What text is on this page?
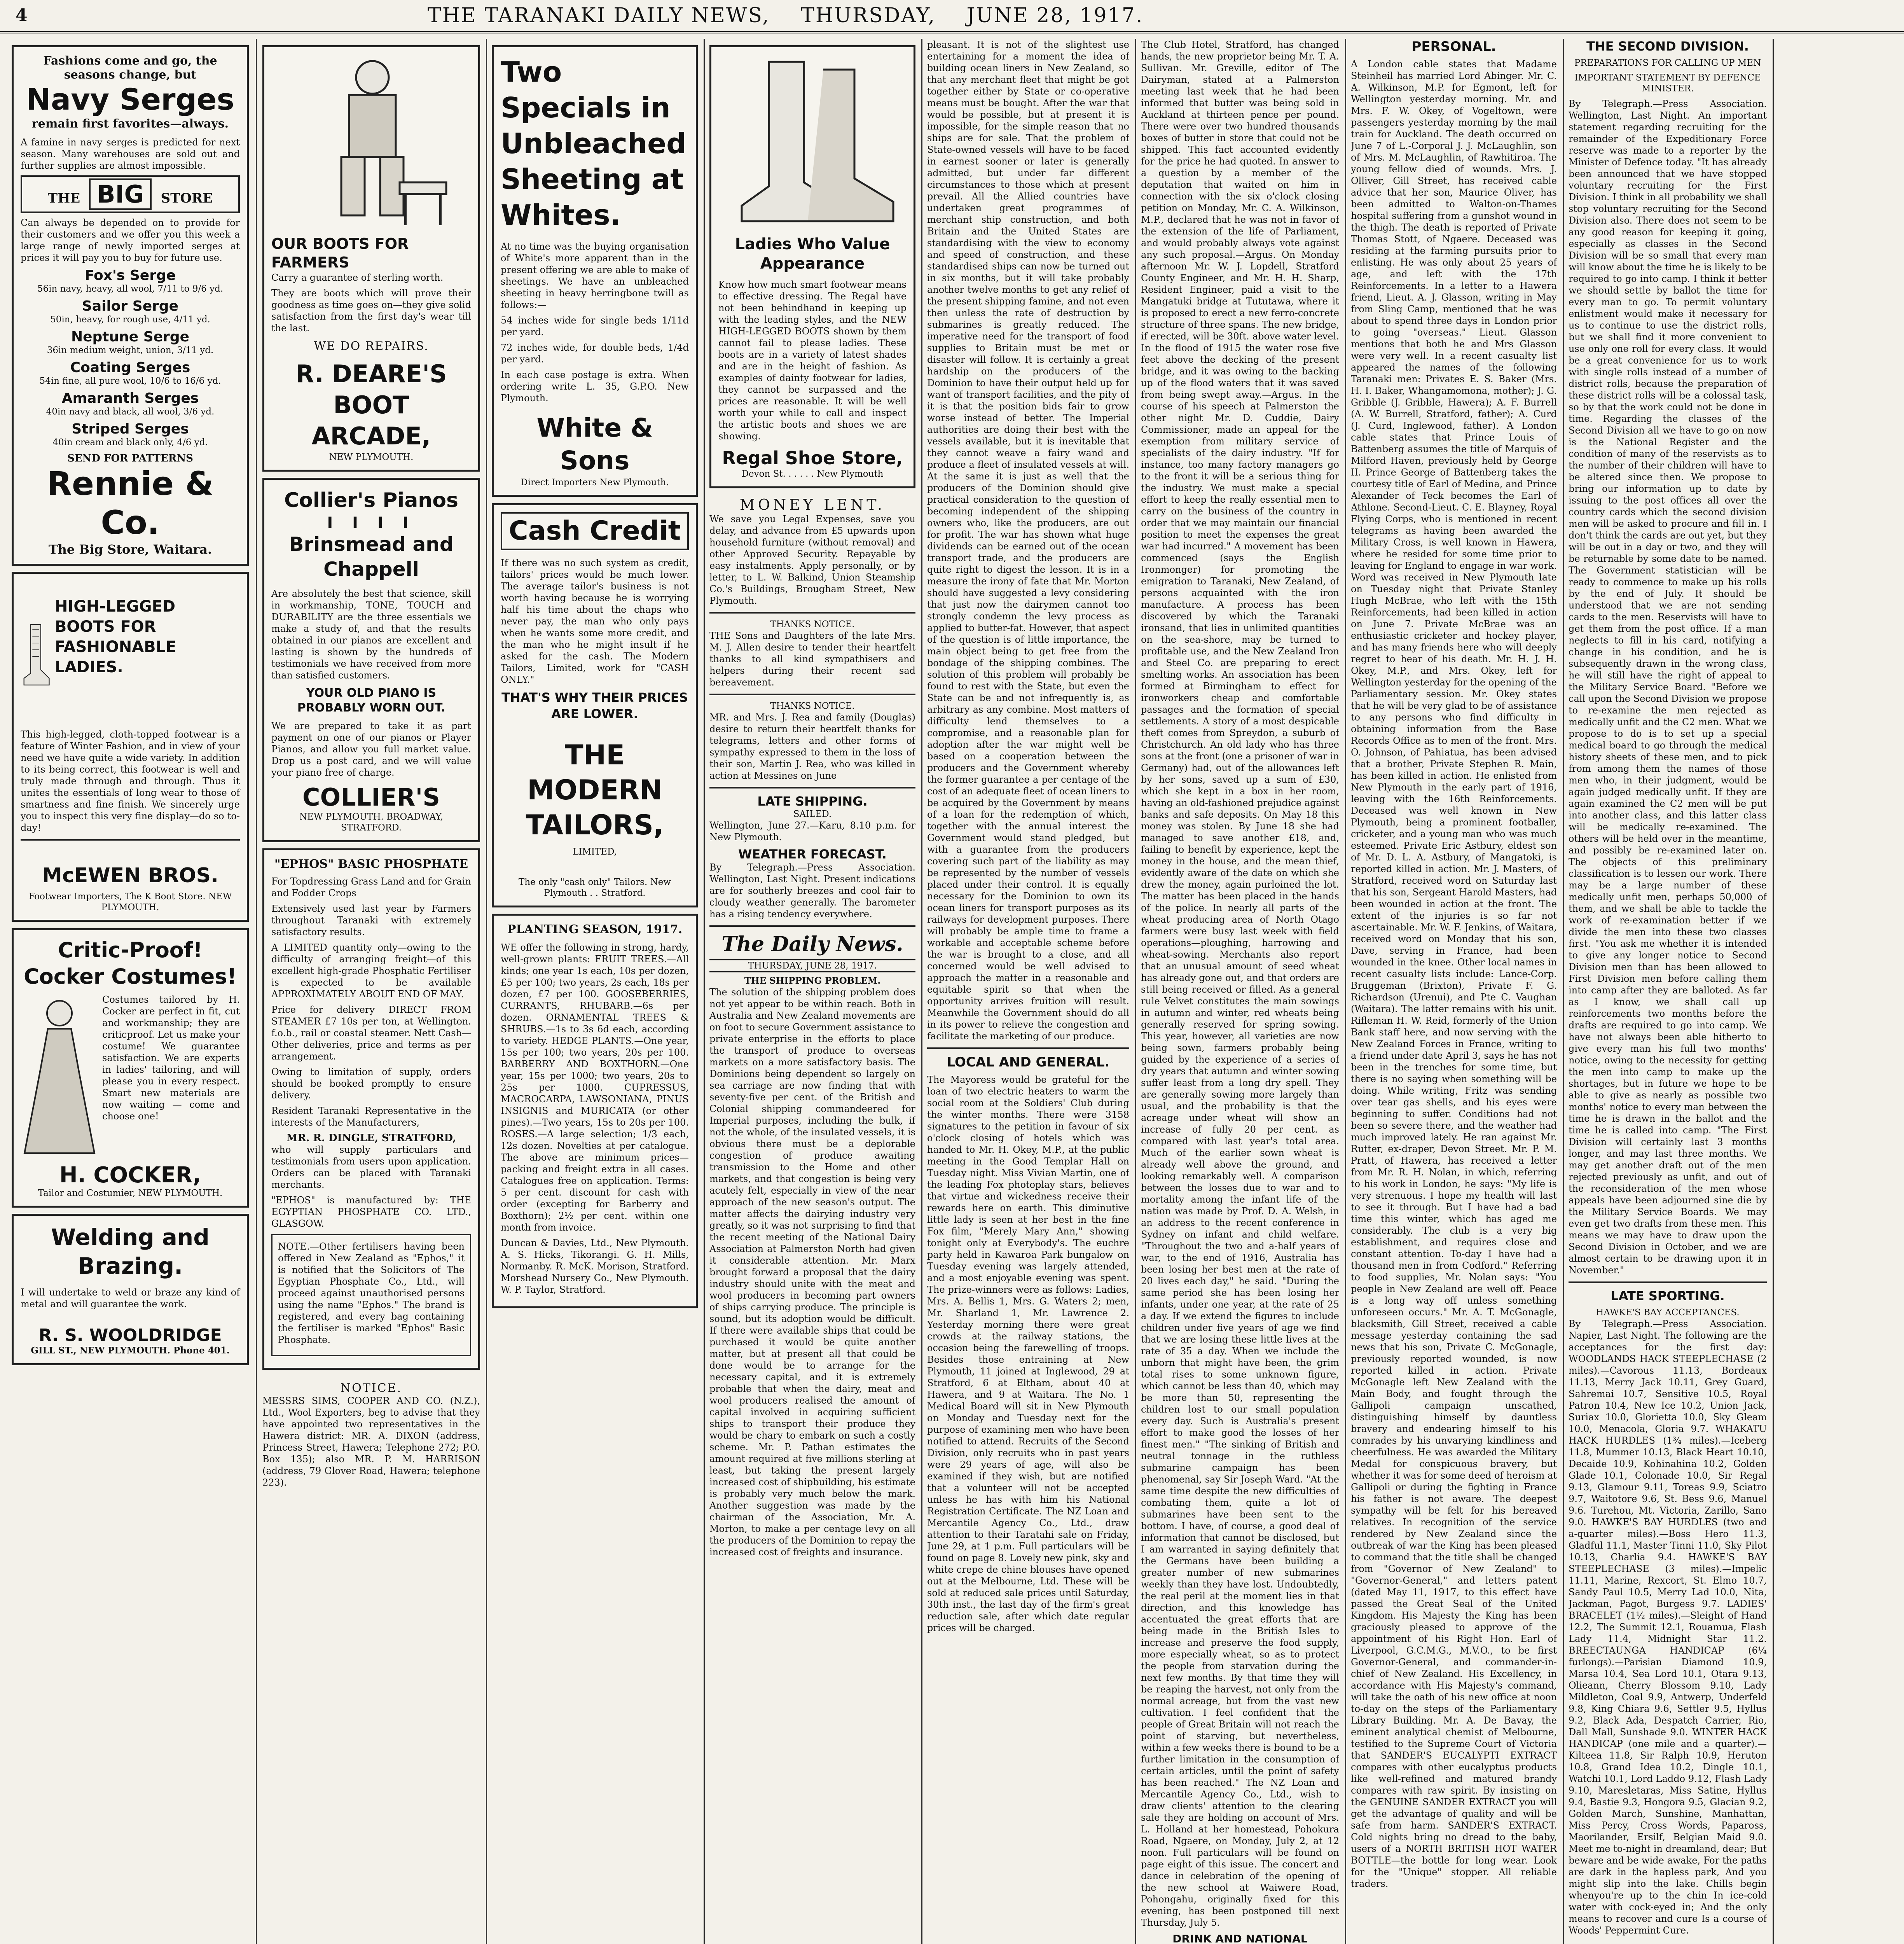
4	THE TARANAKI DAILY NEWS, THURSDAY, JUNE 28, 1917.
Fashions come and go, the seasons change, but
Navy Serges
remain first favorites—always.

A famine in navy serges is predicted for next season. Many warehouses are sold out and further supplies are almost impossible.

THE BIG STORE

Can always be depended on to provide for their customers and we offer you this week a large range of newly imported serges at prices it will pay you to buy for future use.

Fox's Serge
56in navy, heavy, all wool, 7/11 to 9/6 yd.
Sailor Serge
50in, heavy, for rough use, 4/11 yd.
Neptune Serge
36in medium weight, union, 3/11 yd.
Coating Serges
54in fine, all pure wool, 10/6 to 16/6 yd.
Amaranth Serges
40in navy and black, all wool, 3/6 yd.
Striped Serges
40in cream and black only, 4/6 yd.
SEND FOR PATTERNS
Rennie & Co.
The Big Store, Waitara.
HIGH-LEGGED BOOTS FOR FASHIONABLE LADIES.

This high-legged, cloth-topped footwear is a feature of Winter Fashion, and in view of your need we have quite a wide variety. In addition to its being correct, this footwear is well and truly made through and through. Thus it unites the essentials of long wear to those of smartness and fine finish. We sincerely urge you to inspect this very fine display—do so to-day!

McEWEN BROS.
Footwear Importers, The K Boot Store. NEW PLYMOUTH.
Critic-Proof! Cocker Costumes!

Costumes tailored by H. Cocker are perfect in fit, cut and workmanship; they are criticproof. Let us make your costume! We guarantee satisfaction. We are experts in ladies' tailoring, and will please you in every respect. Smart new materials are now waiting — come and choose one!

H. COCKER,
Tailor and Costumier, NEW PLYMOUTH.
Welding and Brazing.

I will undertake to weld or braze any kind of metal and will guarantee the work.

R. S. WOOLDRIDGE
GILL ST., NEW PLYMOUTH. Phone 401.
OUR BOOTS FOR FARMERS

Carry a guarantee of sterling worth.

They are boots which will prove their goodness as time goes on—they give solid satisfaction from the first day's wear till the last.

WE DO REPAIRS.
R. DEARE'S BOOT ARCADE,
NEW PLYMOUTH.
Collier's Pianos
I I I I
Brinsmead and Chappell

Are absolutely the best that science, skill in workmanship, TONE, TOUCH and DURABILITY are the three essentials we make a study of, and that the results obtained in our pianos are excellent and lasting is shown by the hundreds of testimonials we have received from more than satisfied customers.

YOUR OLD PIANO IS PROBABLY WORN OUT.

We are prepared to take it as part payment on one of our pianos or Player Pianos, and allow you full market value. Drop us a post card, and we will value your piano free of charge.

COLLIER'S
NEW PLYMOUTH. BROADWAY, STRATFORD.
"EPHOS" BASIC PHOSPHATE

For Topdressing Grass Land and for Grain and Fodder Crops

Extensively used last year by Farmers throughout Taranaki with extremely satisfactory results.

A LIMITED quantity only—owing to the difficulty of arranging freight—of this excellent high-grade Phosphatic Fertiliser is expected to be available APPROXIMATELY ABOUT END OF MAY.

Price for delivery DIRECT FROM STEAMER £7 10s per ton, at Wellington. f.o.b., rail or coastal steamer. Nett Cash—Other deliveries, price and terms as per arrangement.

Owing to limitation of supply, orders should be booked promptly to ensure delivery.

Resident Taranaki Representative in the interests of the Manufacturers,

MR. R. DINGLE, STRATFORD,

who will supply particulars and testimonials from users upon application. Orders can be placed with Taranaki merchants.

"EPHOS" is manufactured by: THE EGYPTIAN PHOSPHATE CO. LTD., GLASGOW.

NOTE.—Other fertilisers having been offered in New Zealand as "Ephos," it is notified that the Solicitors of The Egyptian Phosphate Co., Ltd., will proceed against unauthorised persons using the name "Ephos." The brand is registered, and every bag containing the fertiliser is marked "Ephos" Basic Phosphate.

NOTICE.

MESSRS SIMS, COOPER AND CO. (N.Z.), Ltd., Wool Exporters, beg to advise that they have appointed two representatives in the Hawera district: MR. A. DIXON (address, Princess Street, Hawera; Telephone 272; P.O. Box 135); also MR. P. M. HARRISON (address, 79 Glover Road, Hawera; telephone 223).

Two Specials in Unbleached Sheeting at Whites.

At no time was the buying organisation of White's more apparent than in the present offering we are able to make of sheetings. We have an unbleached sheeting in heavy herringbone twill as follows:—

54 inches wide for single beds 1/11d per yard.

72 inches wide, for double beds, 1/4d per yard.

In each case postage is extra. When ordering write L. 35, G.P.O. New Plymouth.

White & Sons
Direct Importers New Plymouth.
Cash Credit

If there was no such system as credit, tailors' prices would be much lower. The average tailor's business is not worth having because he is worrying half his time about the chaps who never pay, the man who only pays when he wants some more credit, and the man who he might insult if he asked for the cash. The Modern Tailors, Limited, work for "CASH ONLY."

THAT'S WHY THEIR PRICES ARE LOWER.
THE MODERN TAILORS,
LIMITED,
The only "cash only" Tailors. New Plymouth . . Stratford.
PLANTING SEASON, 1917.

WE offer the following in strong, hardy, well-grown plants: FRUIT TREES.—All kinds; one year 1s each, 10s per dozen, £5 per 100; two years, 2s each, 18s per dozen, £7 per 100. GOOSEBERRIES, CURRANTS, RHUBARB.—6s per dozen. ORNAMENTAL TREES & SHRUBS.—1s to 3s 6d each, according to variety. HEDGE PLANTS.—One year, 15s per 100; two years, 20s per 100. BARBERRY AND BOXTHORN.—One year, 15s per 1000; two years, 20s to 25s per 1000. CUPRESSUS, MACROCARPA, LAWSONIANA, PINUS INSIGNIS and MURICATA (or other pines).—Two years, 15s to 20s per 100. ROSES.—A large selection; 1/3 each, 12s dozen. Novelties at per catalogue. The above are minimum prices—packing and freight extra in all cases. Catalogues free on application. Terms: 5 per cent. discount for cash with order (excepting for Barberry and Boxthorn); 2½ per cent. within one month from invoice.

Duncan & Davies, Ltd., New Plymouth. A. S. Hicks, Tikorangi. G. H. Mills, Normanby. R. McK. Morison, Stratford. Morshead Nursery Co., New Plymouth. W. P. Taylor, Stratford.

Ladies Who Value Appearance

Know how much smart footwear means to effective dressing. The Regal have not been behindhand in keeping up with the leading styles, and the NEW HIGH-LEGGED BOOTS shown by them cannot fail to please ladies. These boots are in a variety of latest shades and are in the height of fashion. As examples of dainty footwear for ladies, they cannot be surpassed and the prices are reasonable. It will be well worth your while to call and inspect the artistic boots and shoes we are showing.

Regal Shoe Store,
Devon St. . . . . . New Plymouth
MONEY LENT.

We save you Legal Expenses, save you delay, and advance from £5 upwards upon household furniture (without removal) and other Approved Security. Repayable by easy instalments. Apply personally, or by letter, to L. W. Balkind, Union Steamship Co.'s Buildings, Brougham Street, New Plymouth.

THANKS NOTICE.

THE Sons and Daughters of the late Mrs. M. J. Allen desire to tender their heartfelt thanks to all kind sympathisers and helpers during their recent sad bereavement.

THANKS NOTICE.

MR. and Mrs. J. Rea and family (Douglas) desire to return their heartfelt thanks for telegrams, letters and other forms of sympathy expressed to them in the loss of their son, Martin J. Rea, who was killed in action at Messines on June

LATE SHIPPING.
SAILED.

Wellington, June 27.—Karu, 8.10 p.m. for New Plymouth.

WEATHER FORECAST.

By Telegraph.—Press Association. Wellington, Last Night. Present indications are for southerly breezes and cool fair to cloudy weather generally. The barometer has a rising tendency everywhere.

The Daily News.
THURSDAY, JUNE 28, 1917.
THE SHIPPING PROBLEM.

The solution of the shipping problem does not yet appear to be within reach. Both in Australia and New Zealand movements are on foot to secure Government assistance to private enterprise in the efforts to place the transport of produce to overseas markets on a more satisfactory basis. The Dominions being dependent so largely on sea carriage are now finding that with seventy-five per cent. of the British and Colonial shipping commandeered for Imperial purposes, including the bulk, if not the whole, of the insulated vessels, it is obvious there must be a deplorable congestion of produce awaiting transmission to the Home and other markets, and that congestion is being very acutely felt, especially in view of the near approach of the new season's output. The matter affects the dairying industry very greatly, so it was not surprising to find that the recent meeting of the National Dairy Association at Palmerston North had given it considerable attention. Mr. Marx brought forward a proposal that the dairy industry should unite with the meat and wool producers in becoming part owners of ships carrying produce. The principle is sound, but its adoption would be difficult. If there were available ships that could be purchased it would be quite another matter, but at present all that could be done would be to arrange for the necessary capital, and it is extremely probable that when the dairy, meat and wool producers realised the amount of capital involved in acquiring sufficient ships to transport their produce they would be chary to embark on such a costly scheme. Mr. P. Pathan estimates the amount required at five millions sterling at least, but taking the present largely increased cost of shipbuilding, his estimate is probably very much below the mark. Another suggestion was made by the chairman of the Association, Mr. A. Morton, to make a per centage levy on all the producers of the Dominion to repay the increased cost of freights and insurance.

pleasant. It is not of the slightest use entertaining for a moment the idea of building ocean liners in New Zealand, so that any merchant fleet that might be got together either by State or co-operative means must be bought. After the war that would be possible, but at present it is impossible, for the simple reason that no ships are for sale. That the problem of State-owned vessels will have to be faced in earnest sooner or later is generally admitted, but under far different circumstances to those which at present prevail. All the Allied countries have undertaken great programmes of merchant ship construction, and both Britain and the United States are standardising with the view to economy and speed of construction, and these standardised ships can now be turned out in six months, but it will take probably another twelve months to get any relief of the present shipping famine, and not even then unless the rate of destruction by submarines is greatly reduced. The imperative need for the transport of food supplies to Britain must be met or disaster will follow. It is certainly a great hardship on the producers of the Dominion to have their output held up for want of transport facilities, and the pity of it is that the position bids fair to grow worse instead of better. The Imperial authorities are doing their best with the vessels available, but it is inevitable that they cannot weave a fairy wand and produce a fleet of insulated vessels at will. At the same it is just as well that the producers of the Dominion should give practical consideration to the question of becoming independent of the shipping owners who, like the producers, are out for profit. The war has shown what huge dividends can be earned out of the ocean transport trade, and the producers are quite right to digest the lesson. It is in a measure the irony of fate that Mr. Morton should have suggested a levy considering that just now the dairymen cannot too strongly condemn the levy process as applied to butter-fat. However, that aspect of the question is of little importance, the main object being to get free from the bondage of the shipping combines. The solution of this problem will probably be found to rest with the State, but even the State can be and not infrequently is, as arbitrary as any combine. Most matters of difficulty lend themselves to a compromise, and a reasonable plan for adoption after the war might well be based on a cooperation between the producers and the Government whereby the former guarantee a per centage of the cost of an adequate fleet of ocean liners to be acquired by the Government by means of a loan for the redemption of which, together with the annual interest the Government would stand pledged, but with a guarantee from the producers covering such part of the liability as may be represented by the number of vessels placed under their control. It is equally necessary for the Dominion to own its ocean liners for transport purposes as its railways for development purposes. There will probably be ample time to frame a workable and acceptable scheme before the war is brought to a close, and all concerned would be well advised to approach the matter in a reasonable and equitable spirit so that when the opportunity arrives fruition will result. Meanwhile the Government should do all in its power to relieve the congestion and facilitate the marketing of our produce.

LOCAL AND GENERAL.

The Mayoress would be grateful for the loan of two electric heaters to warm the social room at the Soldiers' Club during the winter months. There were 3158 signatures to the petition in favour of six o'clock closing of hotels which was handed to Mr. H. Okey, M.P., at the public meeting in the Good Templar Hall on Tuesday night. Miss Vivian Martin, one of the leading Fox photoplay stars, believes that virtue and wickedness receive their rewards here on earth. This diminutive little lady is seen at her best in the fine Fox film, "Merely Mary Ann," showing tonight only at Everybody's. The euchre party held in Kawaroa Park bungalow on Tuesday evening was largely attended, and a most enjoyable evening was spent. The prize-winners were as follows: Ladies, Mrs. A. Bellis 1, Mrs. G. Waters 2; men, Mr. Sharland 1, Mr. Lawrence 2. Yesterday morning there were great crowds at the railway stations, the occasion being the farewelling of troops. Besides those entraining at New Plymouth, 11 joined at Inglewood, 29 at Stratford, 6 at Eltham, about 40 at Hawera, and 9 at Waitara. The No. 1 Medical Board will sit in New Plymouth on Monday and Tuesday next for the purpose of examining men who have been notified to attend. Recruits of the Second Division, only recruits who in past years were 29 years of age, will also be examined if they wish, but are notified that a volunteer will not be accepted unless he has with him his National Registration Certificate. The NZ Loan and Mercantile Agency Co., Ltd., draw attention to their Taratahi sale on Friday, June 29, at 1 p.m. Full particulars will be found on page 8. Lovely new pink, sky and white crepe de chine blouses have opened out at the Melbourne, Ltd. These will be sold at reduced sale prices until Saturday, 30th inst., the last day of the firm's great reduction sale, after which date regular prices will be charged.

The Club Hotel, Stratford, has changed hands, the new proprietor being Mr. T. A. Sullivan. Mr. Greville, editor of The Dairyman, stated at a Palmerston meeting last week that he had been informed that butter was being sold in Auckland at thirteen pence per pound. There were over two hundred thousands boxes of butter in store that could not be shipped. This fact accounted evidently for the price he had quoted. In answer to a question by a member of the deputation that waited on him in connection with the six o'clock closing petition on Monday, Mr. C. A. Wilkinson, M.P., declared that he was not in favor of the extension of the life of Parliament, and would probably always vote against any such proposal.—Argus. On Monday afternoon Mr. W. J. Lopdell, Stratford County Engineer, and Mr. H. H. Sharp, Resident Engineer, paid a visit to the Mangatuki bridge at Tututawa, where it is proposed to erect a new ferro-concrete structure of three spans. The new bridge, if erected, will be 30ft. above water level. In the flood of 1915 the water rose five feet above the decking of the present bridge, and it was owing to the backing up of the flood waters that it was saved from being swept away.—Argus. In the course of his speech at Palmerston the other night Mr. D. Cuddie, Dairy Commissioner, made an appeal for the exemption from military service of specialists of the dairy industry. "If for instance, too many factory managers go to the front it will be a serious thing for the industry. We must make a special effort to keep the really essential men to carry on the business of the country in order that we may maintain our financial position to meet the expenses the great war had incurred." A movement has been commenced (says the English Ironmonger) for promoting the emigration to Taranaki, New Zealand, of persons acquainted with the iron manufacture. A process has been discovered by which the Taranaki ironsand, that lies in unlimited quantities on the sea-shore, may be turned to profitable use, and the New Zealand Iron and Steel Co. are preparing to erect smelting works. An association has been formed at Birmingham to effect for ironworkers cheap and comfortable passages and the formation of special settlements. A story of a most despicable theft comes from Spreydon, a suburb of Christchurch. An old lady who has three sons at the front (one a prisoner of war in Germany) had, out of the allowances left by her sons, saved up a sum of £30, which she kept in a box in her room, having an old-fashioned prejudice against banks and safe deposits. On May 18 this money was stolen. By June 18 she had managed to save another £18, and, failing to benefit by experience, kept the money in the house, and the mean thief, evidently aware of the date on which she drew the money, again purloined the lot. The matter has been placed in the hands of the police. In nearly all parts of the wheat producing area of North Otago farmers were busy last week with field operations—ploughing, harrowing and wheat-sowing. Merchants also report that an unusual amount of seed wheat has already gone out, and that orders are still being received or filled. As a general rule Velvet constitutes the main sowings in autumn and winter, red wheats being generally reserved for spring sowing. This year, however, all varieties are now being sown, farmers probably being guided by the experience of a series of dry years that autumn and winter sowing suffer least from a long dry spell. They are generally sowing more largely than usual, and the probability is that the acreage under wheat will show an increase of fully 20 per cent. as compared with last year's total area. Much of the earlier sown wheat is already well above the ground, and looking remarkably well. A comparison between the losses due to war and to mortality among the infant life of the nation was made by Prof. D. A. Welsh, in an address to the recent conference in Sydney on infant and child welfare. "Throughout the two and a-half years of war, to the end of 1916, Australia has been losing her best men at the rate of 20 lives each day," he said. "During the same period she has been losing her infants, under one year, at the rate of 25 a day. If we extend the figures to include children under five years of age we find that we are losing these little lives at the rate of 35 a day. When we include the unborn that might have been, the grim total rises to some unknown figure, which cannot be less than 40, which may be more than 50, representing the children lost to our small population every day. Such is Australia's present effort to make good the losses of her finest men." "The sinking of British and neutral tonnage in the ruthless submarine campaign has been phenomenal, say Sir Joseph Ward. "At the same time despite the new difficulties of combating them, quite a lot of submarines have been sent to the bottom. I have, of course, a good deal of information that cannot be disclosed, but I am warranted in saying definitely that the Germans have been building a greater number of new submarines weekly than they have lost. Undoubtedly, the real peril at the moment lies in that direction, and this knowledge has accentuated the great efforts that are being made in the British Isles to increase and preserve the food supply, more especially wheat, so as to protect the people from starvation during the next few months. By that time they will be reaping the harvest, not only from the normal acreage, but from the vast new cultivation. I feel confident that the people of Great Britain will not reach the point of starving, but nevertheless, within a few weeks there is bound to be a further limitation in the consumption of certain articles, until the point of safety has been reached." The NZ Loan and Mercantile Agency Co., Ltd., wish to draw clients' attention to the clearing sale they are holding on account of Mrs. L. Holland at her homestead, Pohokura Road, Ngaere, on Monday, July 2, at 12 noon. Full particulars will be found on page eight of this issue. The concert and dance in celebration of the opening of the new school at Waiwere Road, Pohongahu, originally fixed for this evening, has been postponed till next Thursday, July 5.

DRINK AND NATIONAL

PERSONAL.

A London cable states that Madame Steinheil has married Lord Abinger. Mr. C. A. Wilkinson, M.P. for Egmont, left for Wellington yesterday morning. Mr. and Mrs. F. W. Okey, of Vogeltown, were passengers yesterday morning by the mail train for Auckland. The death occurred on June 7 of L.-Corporal J. J. McLaughlin, son of Mrs. M. McLaughlin, of Rawhitiroa. The young fellow died of wounds. Mrs. J. Olliver, Gill Street, has received cable advice that her son, Maurice Oliver, has been admitted to Walton-on-Thames hospital suffering from a gunshot wound in the thigh. The death is reported of Private Thomas Stott, of Ngaere. Deceased was residing at the farming pursuits prior to enlisting. He was only about 25 years of age, and left with the 17th Reinforcements. In a letter to a Hawera friend, Lieut. A. J. Glasson, writing in May from Sling Camp, mentioned that he was about to spend three days in London prior to going "overseas." Lieut. Glasson mentions that both he and Mrs Glasson were very well. In a recent casualty list appeared the names of the following Taranaki men: Privates E. S. Baker (Mrs. H. I. Baker, Whangamomona, mother); J. G. Gribble (J. Gribble, Hawera); A. F. Burrell (A. W. Burrell, Stratford, father); A. Curd (J. Curd, Inglewood, father). A London cable states that Prince Louis of Battenberg assumes the title of Marquis of Milford Haven, previously held by George II. Prince George of Battenberg takes the courtesy title of Earl of Medina, and Prince Alexander of Teck becomes the Earl of Athlone. Second-Lieut. C. E. Blayney, Royal Flying Corps, who is mentioned in recent telegrams as having been awarded the Military Cross, is well known in Hawera, where he resided for some time prior to leaving for England to engage in war work. Word was received in New Plymouth late on Tuesday night that Private Stanley Hugh McBrae, who left with the 15th Reinforcements, had been killed in action on June 7. Private McBrae was an enthusiastic cricketer and hockey player, and has many friends here who will deeply regret to hear of his death. Mr. H. J. H. Okey, M.P., and Mrs. Okey, left for Wellington yesterday for the opening of the Parliamentary session. Mr. Okey states that he will be very glad to be of assistance to any persons who find difficulty in obtaining information from the Base Records Office as to men of the front. Mrs. O. Johnson, of Pahiatua, has been advised that a brother, Private Stephen R. Main, has been killed in action. He enlisted from New Plymouth in the early part of 1916, leaving with the 16th Reinforcements. Deceased was well known in New Plymouth, being a prominent footballer, cricketer, and a young man who was much esteemed. Private Eric Astbury, eldest son of Mr. D. L. A. Astbury, of Mangatoki, is reported killed in action. Mr. J. Masters, of Stratford, received word on Saturday last that his son, Sergeant Harold Masters, had been wounded in action at the front. The extent of the injuries is so far not ascertainable. Mr. W. F. Jenkins, of Waitara, received word on Monday that his son, Dave, serving in France, had been wounded in the knee. Other local names in recent casualty lists include: Lance-Corp. Bruggeman (Brixton), Private F. G. Richardson (Urenui), and Pte C. Vaughan (Waitara). The latter remains with his unit. Rifleman H. W. Reid, formerly of the Union Bank staff here, and now serving with the New Zealand Forces in France, writing to a friend under date April 3, says he has not been in the trenches for some time, but there is no saying when something will be doing. While writing, Fritz was sending over tear gas shells, and his eyes were beginning to suffer. Conditions had not been so severe there, and the weather had much improved lately. He ran against Mr. Rutter, ex-draper, Devon Street. Mr. P. M. Pratt, of Hawera, has received a letter from Mr. R. H. Nolan, in which, referring to his work in London, he says: "My life is very strenuous. I hope my health will last to see it through. But I have had a bad time this winter, which has aged me considerably. The club is a very big establishment, and requires close and constant attention. To-day I have had a thousand men in from Codford." Referring to food supplies, Mr. Nolan says: "You people in New Zealand are well off. Peace is a long way off unless something unforeseen occurs." Mr. A. T. McGonagle, blacksmith, Gill Street, received a cable message yesterday containing the sad news that his son, Private C. McGonagle, previously reported wounded, is now reported killed in action. Private McGonagle left New Zealand with the Main Body, and fought through the Gallipoli campaign unscathed, distinguishing himself by dauntless bravery and endearing himself to his comrades by his unvarying kindliness and cheerfulness. He was awarded the Military Medal for conspicuous bravery, but whether it was for some deed of heroism at Gallipoli or during the fighting in France his father is not aware. The deepest sympathy will be felt for his bereaved relatives. In recognition of the service rendered by New Zealand since the outbreak of war the King has been pleased to command that the title shall be changed from "Governor of New Zealand" to "Governor-General," and letters patent (dated May 11, 1917, to this effect have passed the Great Seal of the United Kingdom. His Majesty the King has been graciously pleased to approve of the appointment of his Right Hon. Earl of Liverpool, G.C.M.G., M.V.O., to be first Governor-General, and commander-in-chief of New Zealand. His Excellency, in accordance with His Majesty's command, will take the oath of his new office at noon to-day on the steps of the Parliamentary Library Building. Mr. A. De Bavay, the eminent analytical chemist of Melbourne, testified to the Supreme Court of Victoria that SANDER'S EUCALYPTI EXTRACT compares with other eucalyptus products like well-refined and matured brandy compares with raw spirit. By insisting on the GENUINE SANDER EXTRACT you will get the advantage of quality and will be safe from harm. SANDER'S EXTRACT. Cold nights bring no dread to the baby, users of a NORTH BRITISH HOT WATER BOTTLE—the bottle for long wear. Look for the "Unique" stopper. All reliable traders.

THE SECOND DIVISION.
PREPARATIONS FOR CALLING UP MEN
IMPORTANT STATEMENT BY DEFENCE MINISTER.

By Telegraph.—Press Association. Wellington, Last Night. An important statement regarding recruiting for the remainder of the Expeditionary Force reserve was made to a reporter by the Minister of Defence today. "It has already been announced that we have stopped voluntary recruiting for the First Division. I think in all probability we shall stop voluntary recruiting for the Second Division also. There does not seem to be any good reason for keeping it going, especially as classes in the Second Division will be so small that every man will know about the time he is likely to be required to go into camp. I think it better we should settle by ballot the time for every man to go. To permit voluntary enlistment would make it necessary for us to continue to use the district rolls, but we shall find it more convenient to use only one roll for every class. It would be a great convenience for us to work with single rolls instead of a number of district rolls, because the preparation of these district rolls will be a colossal task, so by that the work could not be done in time. Regarding the classes of the Second Division all we have to go on now is the National Register and the condition of many of the reservists as to the number of their children will have to be altered since then. We propose to bring our information up to date by issuing to the post offices all over the country cards which the second division men will be asked to procure and fill in. I don't think the cards are out yet, but they will be out in a day or two, and they will be returnable by some date to be named. The Government statistician will be ready to commence to make up his rolls by the end of July. It should be understood that we are not sending cards to the men. Reservists will have to get them from the post office. If a man neglects to fill in his card, notifying a change in his condition, and he is subsequently drawn in the wrong class, he will still have the right of appeal to the Military Service Board. "Before we call upon the Second Division we propose to re-examine the men rejected as medically unfit and the C2 men. What we propose to do is to set up a special medical board to go through the medical history sheets of these men, and to pick from among them the names of those men who, in their judgment, would be again judged medically unfit. If they are again examined the C2 men will be put into another class, and this latter class will be medically re-examined. The others will be held over in the meantime, and possibly be re-examined later on. The objects of this preliminary classification is to lessen our work. There may be a large number of these medically unfit men, perhaps 50,000 of them, and we shall be able to tackle the work of re-examination better if we divide the men into these two classes first. "You ask me whether it is intended to give any longer notice to Second Division men than has been allowed to First Division men before calling them into camp after they are balloted. As far as I know, we shall call up reinforcements two months before the drafts are required to go into camp. We have not always been able hitherto to give every man his full two months' notice, owing to the necessity for getting the men into camp to make up the shortages, but in future we hope to be able to give as nearly as possible two months' notice to every man between the time he is drawn in the ballot and the time he is called into camp. "The First Division will certainly last 3 months longer, and may last three months. We may get another draft out of the men rejected previously as unfit, and out of the reconsideration of the men whose appeals have been adjourned sine die by the Military Service Boards. We may even get two drafts from these men. This means we may have to draw upon the Second Division in October, and we are almost certain to be drawing upon it in November."

LATE SPORTING.
HAWKE'S BAY ACCEPTANCES.

By Telegraph.—Press Association. Napier, Last Night. The following are the acceptances for the first day: WOODLANDS HACK STEEPLECHASE (2 miles).—Cavorous 11.13, Bordeaux 11.13, Merry Jack 10.11, Grey Guard, Sahremai 10.7, Sensitive 10.5, Royal Patron 10.4, New Ice 10.2, Union Jack, Suriax 10.0, Glorietta 10.0, Sky Gleam 10.0, Menacola, Gloria 9.7. WHAKATU HACK HURDLES (1¾ miles).—Iceberg 11.8, Mummer 10.13, Black Heart 10.10, Decaide 10.9, Kohinahina 10.2, Golden Glade 10.1, Colonade 10.0, Sir Regal 9.13, Glamour 9.11, Toreas 9.9, Sciatro 9.7, Waitotore 9.6, St. Bess 9.6, Manuel 9.6. Turehou, Mt. Victoria, Zarillo, Sano 9.0. HAWKE'S BAY HURDLES (two and a-quarter miles).—Boss Hero 11.3, Gladful 11.1, Master Tinni 11.0, Sky Pilot 10.13, Charlia 9.4. HAWKE'S BAY STEEPLECHASE (3 miles).—Impelic 11.11, Marine, Rexcort, St. Elmo 10.7, Sandy Paul 10.5, Merry Lad 10.0, Nita, Jackman, Pagot, Burgess 9.7. LADIES' BRACELET (1½ miles).—Sleight of Hand 12.2, The Summit 12.1, Rouamua, Flash Lady 11.4, Midnight Star 11.2. BREECTAUNGA HANDICAP (6¼ furlongs).—Parisian Diamond 10.9, Marsa 10.4, Sea Lord 10.1, Otara 9.13, Olieann, Cherry Blossom 9.10, Lady Mildleton, Coal 9.9, Antwerp, Underfeld 9.8, King Chiara 9.6, Settler 9.5, Hyllus 9.2, Black Ada, Despatch Carrier, Rio, Dall Mall, Sunshade 9.0. WINTER HACK HANDICAP (one mile and a quarter).—Kilteea 11.8, Sir Ralph 10.9, Heruton 10.8, Grand Idea 10.2, Dingle 10.1, Watchi 10.1, Lord Laddo 9.12, Flash Lady 9.10, Maresletaras, Miss Satine, Hyllus 9.4, Bastie 9.3, Hongora 9.5, Glacian 9.2, Golden March, Sunshine, Manhattan, Miss Percy, Cross Words, Papaross, Maorilander, Ersilf, Belgian Maid 9.0. Meet me to-night in dreamland, dear; But beware and be wide awake, For the paths are dark in the hapless park, And you might slip into the lake. Chills begin whenyou're up to the chin In ice-cold water with cock-eyed in; And the only means to recover and cure Is a course of Woods' Peppermint Cure.
